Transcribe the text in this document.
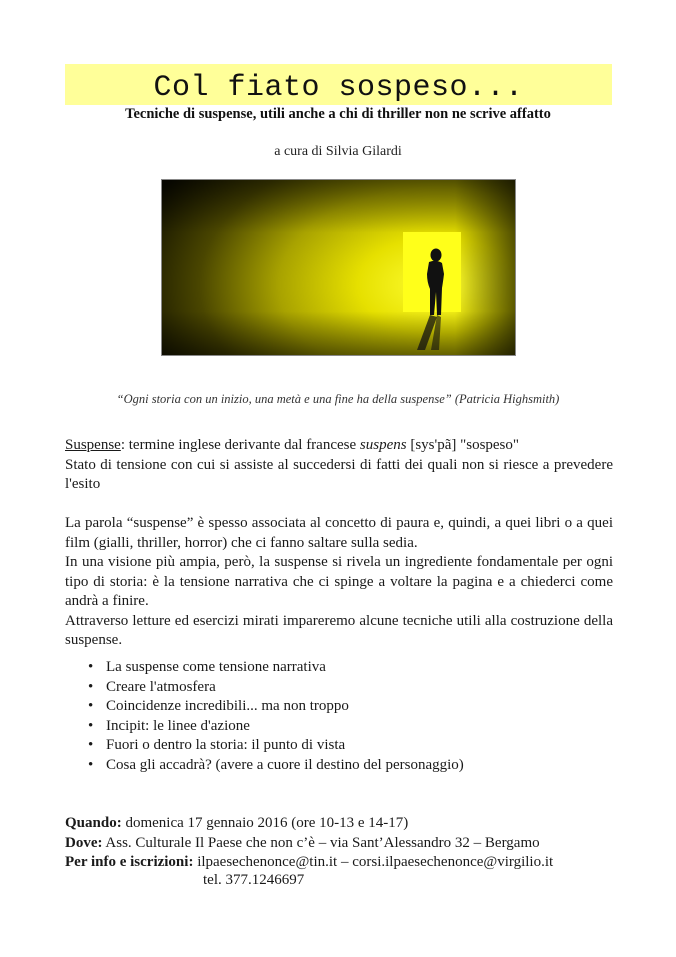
Col fiato sospeso...
Tecniche di suspense, utili anche a chi di thriller non ne scrive affatto
a cura di Silvia Gilardi
“Ogni storia con un inizio, una metà e una fine ha della suspense” (Patricia Highsmith)
Suspense: termine inglese derivante dal francese suspens [sys'pã] "sospeso"
Stato di tensione con cui si assiste al succedersi di fatti dei quali non si riesce a prevedere l'esito
La parola “suspense” è spesso associata al concetto di paura e, quindi, a quei libri o a quei film (gialli, thriller, horror) che ci fanno saltare sulla sedia.
In una visione più ampia, però, la suspense si rivela un ingrediente fondamentale per ogni tipo di storia: è la tensione narrativa che ci spinge a voltare la pagina e a chiederci come andrà a finire.
Attraverso letture ed esercizi mirati impareremo alcune tecniche utili alla costruzione della suspense.
• La suspense come tensione narrativa
• Creare l'atmosfera
• Coincidenze incredibili... ma non troppo
• Incipit: le linee d'azione
• Fuori o dentro la storia: il punto di vista
• Cosa gli accadrà? (avere a cuore il destino del personaggio)
Quando: domenica 17 gennaio 2016 (ore 10-13 e 14-17)
Dove: Ass. Culturale Il Paese che non c’è – via Sant’Alessandro 32 – Bergamo
Per info e iscrizioni: ilpaesechenonce@tin.it – corsi.ilpaesechenonce@virgilio.it
tel. 377.1246697
